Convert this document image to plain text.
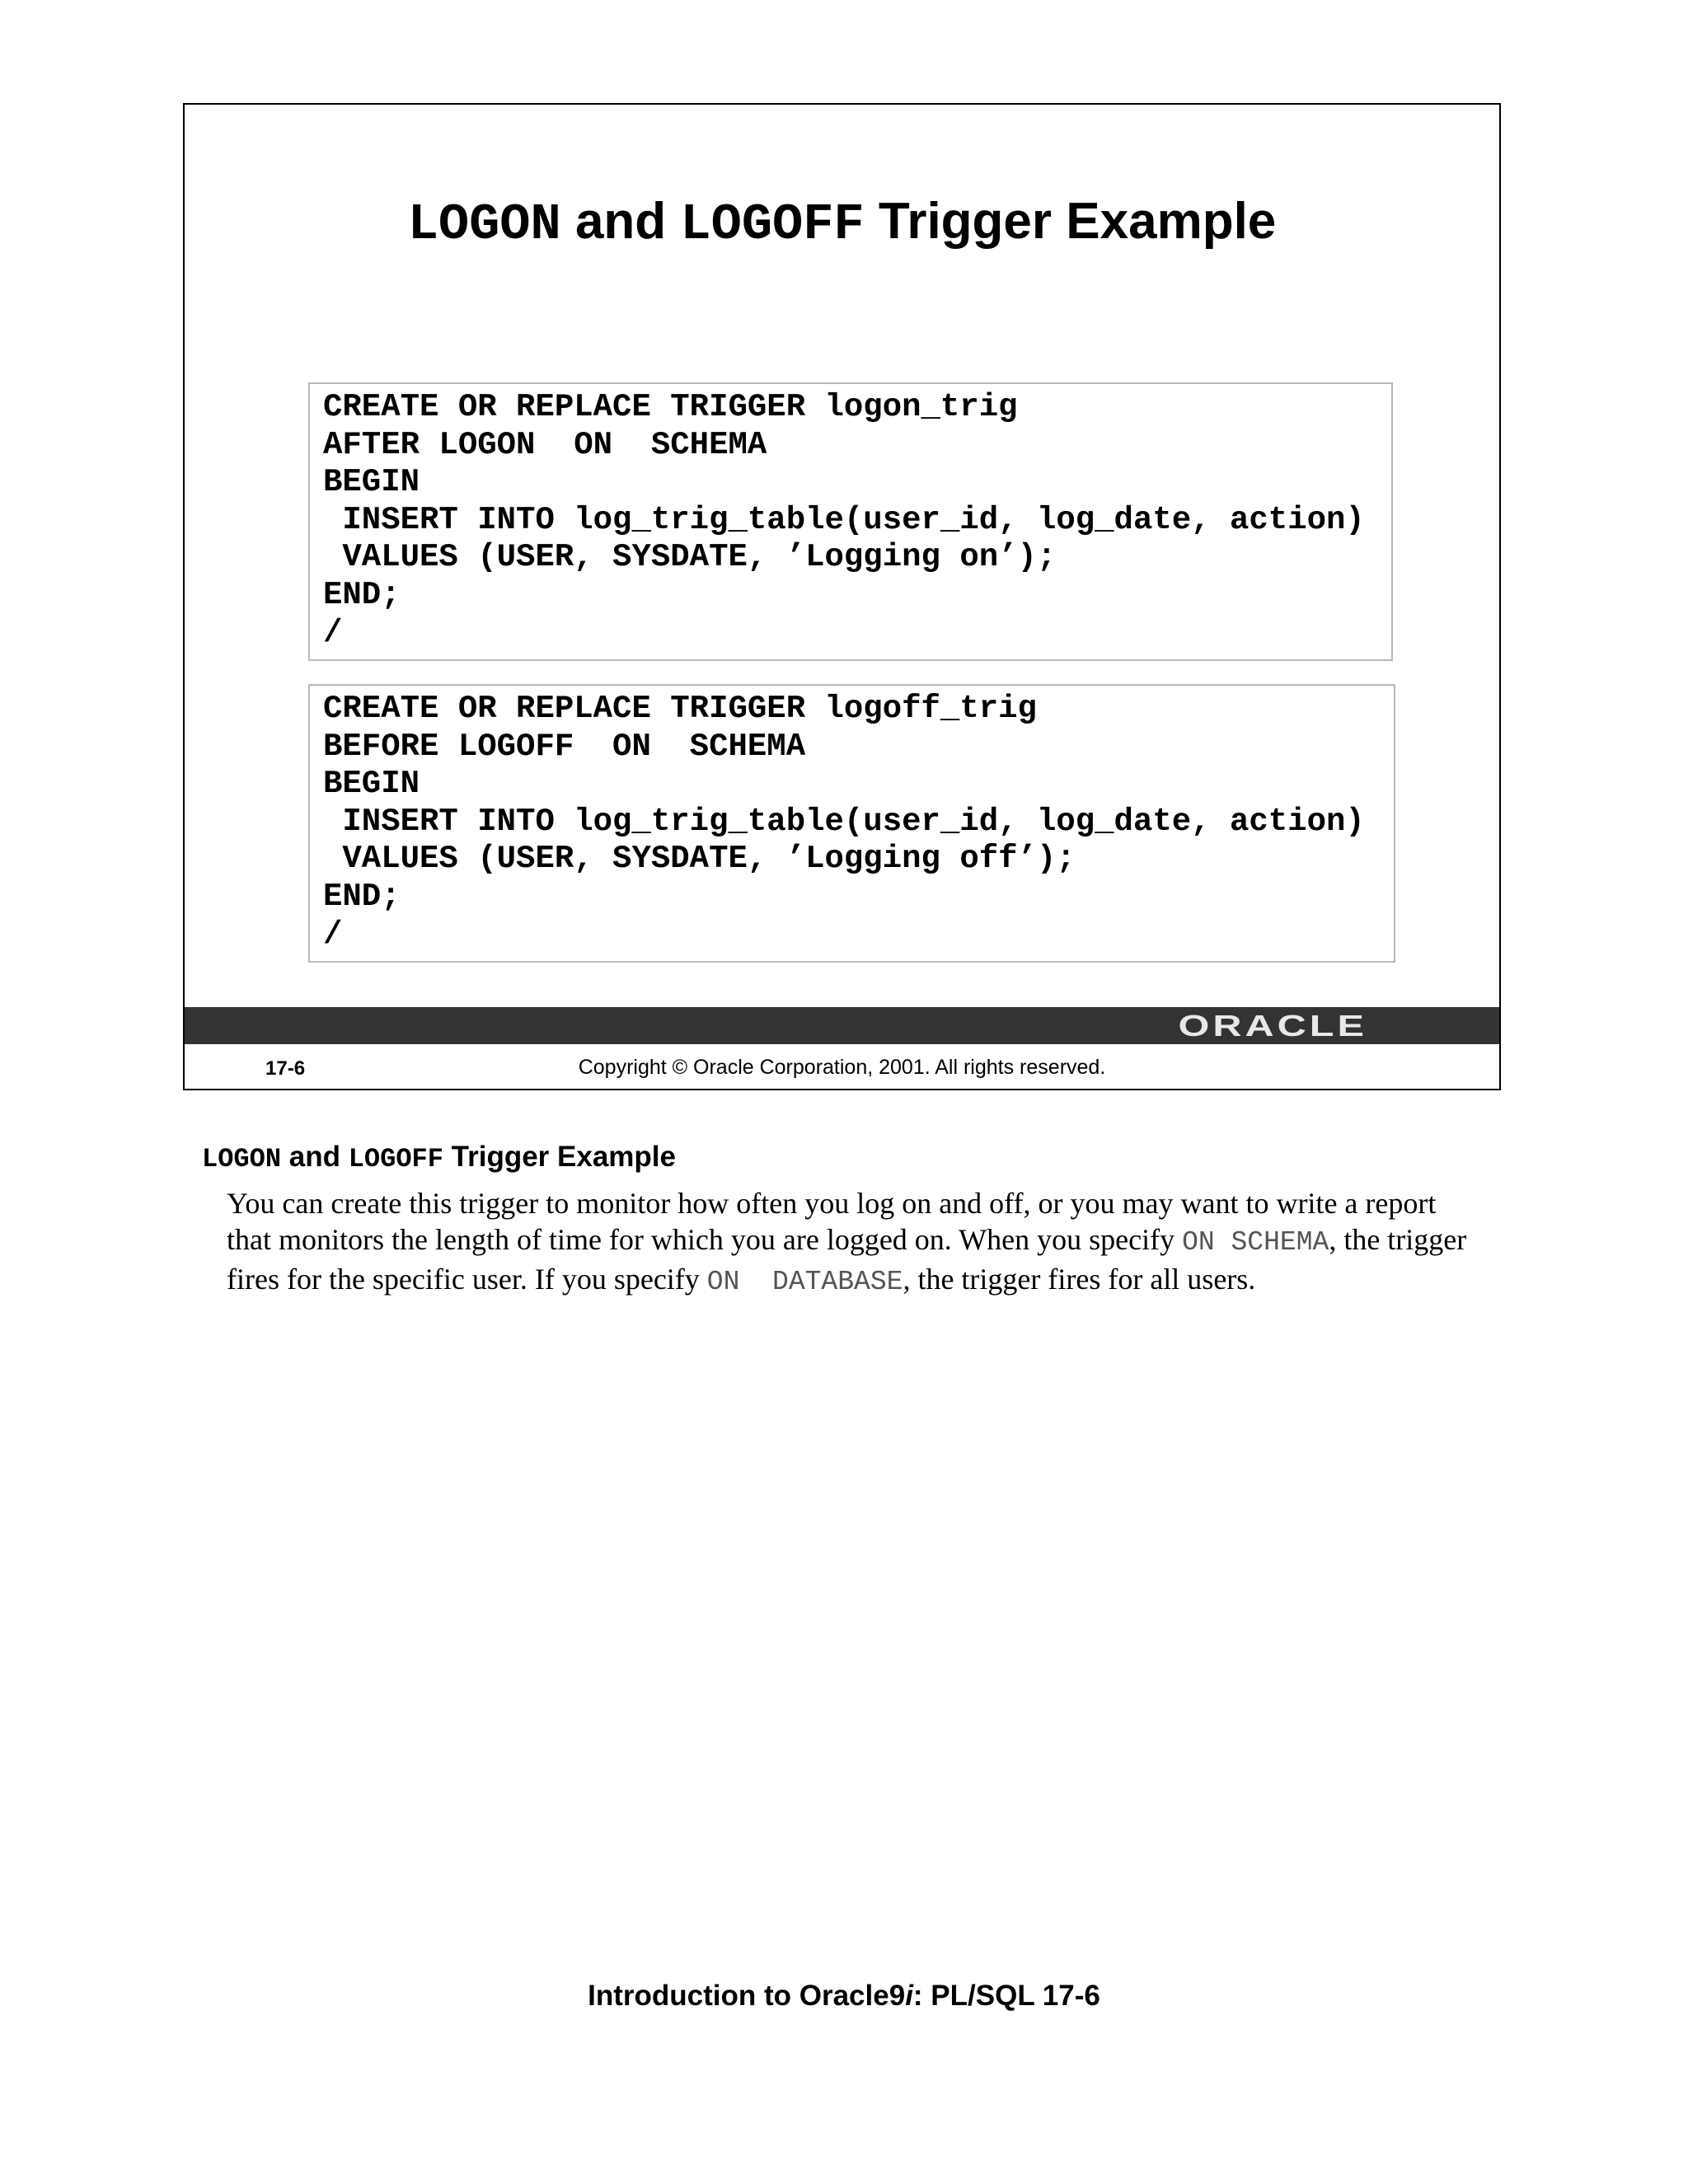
LOGON and LOGOFF Trigger Example
CREATE OR REPLACE TRIGGER logon_trig
AFTER LOGON  ON  SCHEMA
BEGIN
INSERT INTO log_trig_table(user_id, log_date, action)
VALUES (USER, SYSDATE, ’Logging on’);
END;
/
CREATE OR REPLACE TRIGGER logoff_trig
BEFORE LOGOFF  ON  SCHEMA
BEGIN
INSERT INTO log_trig_table(user_id, log_date, action)
VALUES (USER, SYSDATE, ’Logging off’);
END;
/
ORACLE
17-6	Copyright © Oracle Corporation, 2001. All rights reserved.
LOGON and LOGOFF Trigger Example
You can create this trigger to monitor how often you log on and off, or you may want to write a report that monitors the length of time for which you are logged on. When you specify ON SCHEMA, the trigger fires for the specific user. If you specify ON  DATABASE, the trigger fires for all users.
Introduction to Oracle9i: PL/SQL 17-6
